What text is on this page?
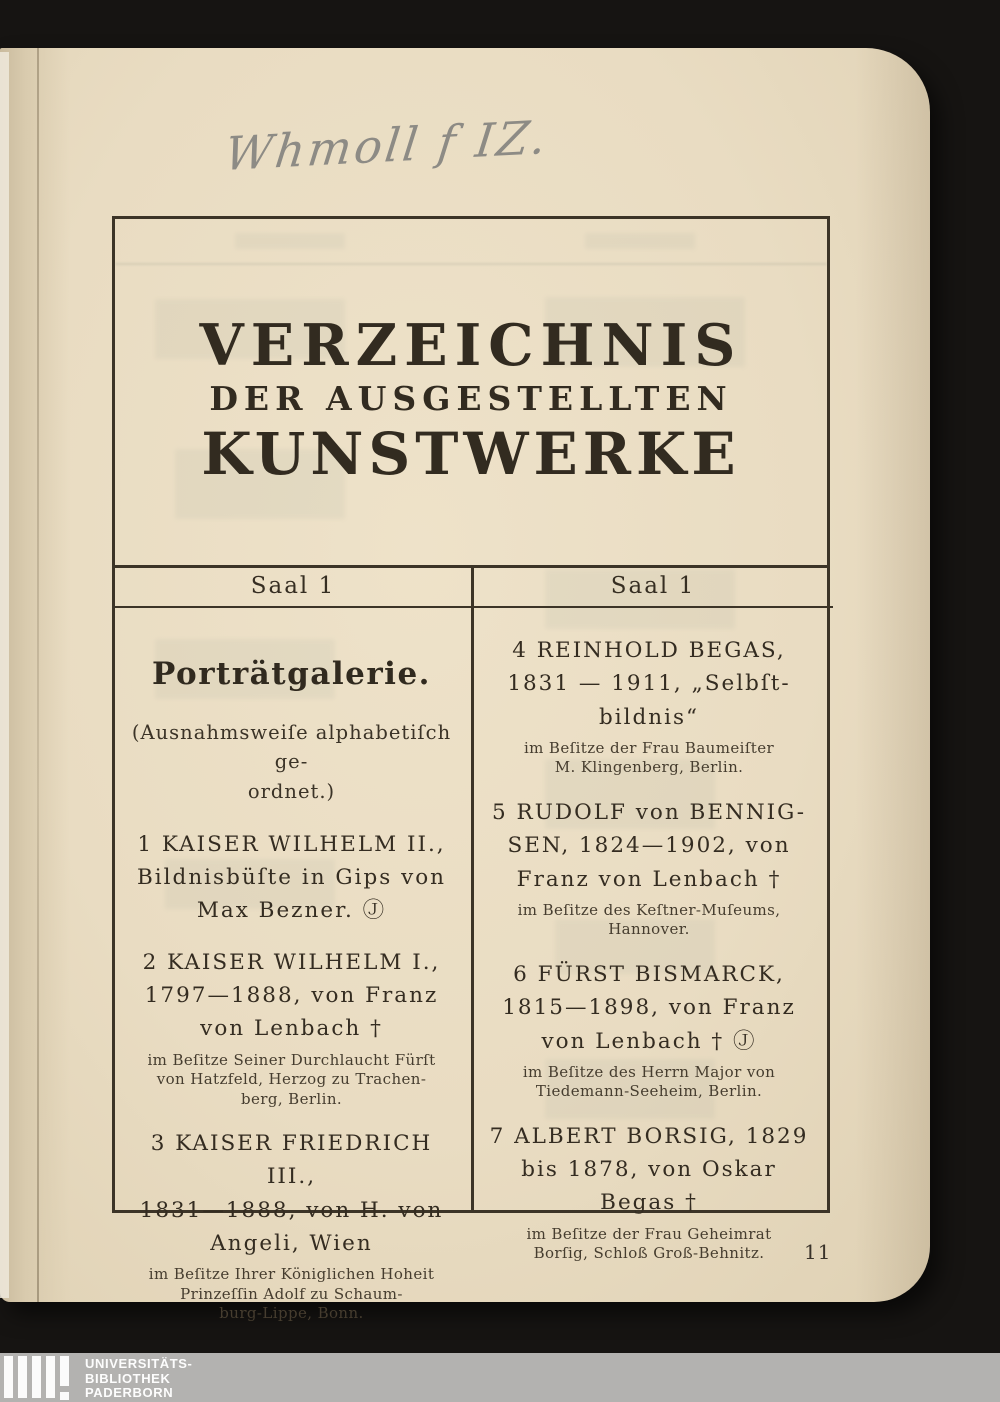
Whmoll f IZ.
VERZEICHNIS
DER AUSGESTELLTEN
KUNSTWERKE
Saal 1	Saal 1
Porträtgalerie.
(Ausnahmsweiſe alphabetiſch ge-
ordnet.)
1 KAISER WILHELM II.,
Bildnisbüſte in Gips von
Max Bezner. Ⓙ
2 KAISER WILHELM I.,
1797—1888, von Franz
von Lenbach †
im Beſitze Seiner Durchlaucht Fürſt
von Hatzfeld, Herzog zu Trachen-
berg, Berlin.
3 KAISER FRIEDRICH III.,
1831—1888, von H. von
Angeli, Wien
im Beſitze Ihrer Königlichen Hoheit
Prinzeſſin Adolf zu Schaum-
burg-Lippe, Bonn.
4 REINHOLD BEGAS,
1831 — 1911, „Selbſt-
bildnis“
im Beſitze der Frau Baumeiſter
M. Klingenberg, Berlin.
5 RUDOLF von BENNIG-
SEN, 1824—1902, von
Franz von Lenbach †
im Beſitze des Keſtner-Muſeums,
Hannover.
6 FÜRST BISMARCK,
1815—1898, von Franz
von Lenbach † Ⓙ
im Beſitze des Herrn Major von
Tiedemann-Seeheim, Berlin.
7 ALBERT BORSIG, 1829
bis 1878, von Oskar
Begas †
im Beſitze der Frau Geheimrat
Borſig, Schloß Groß-Behnitz.	11
UNIVERSITÄTS-
BIBLIOTHEK
PADERBORN
